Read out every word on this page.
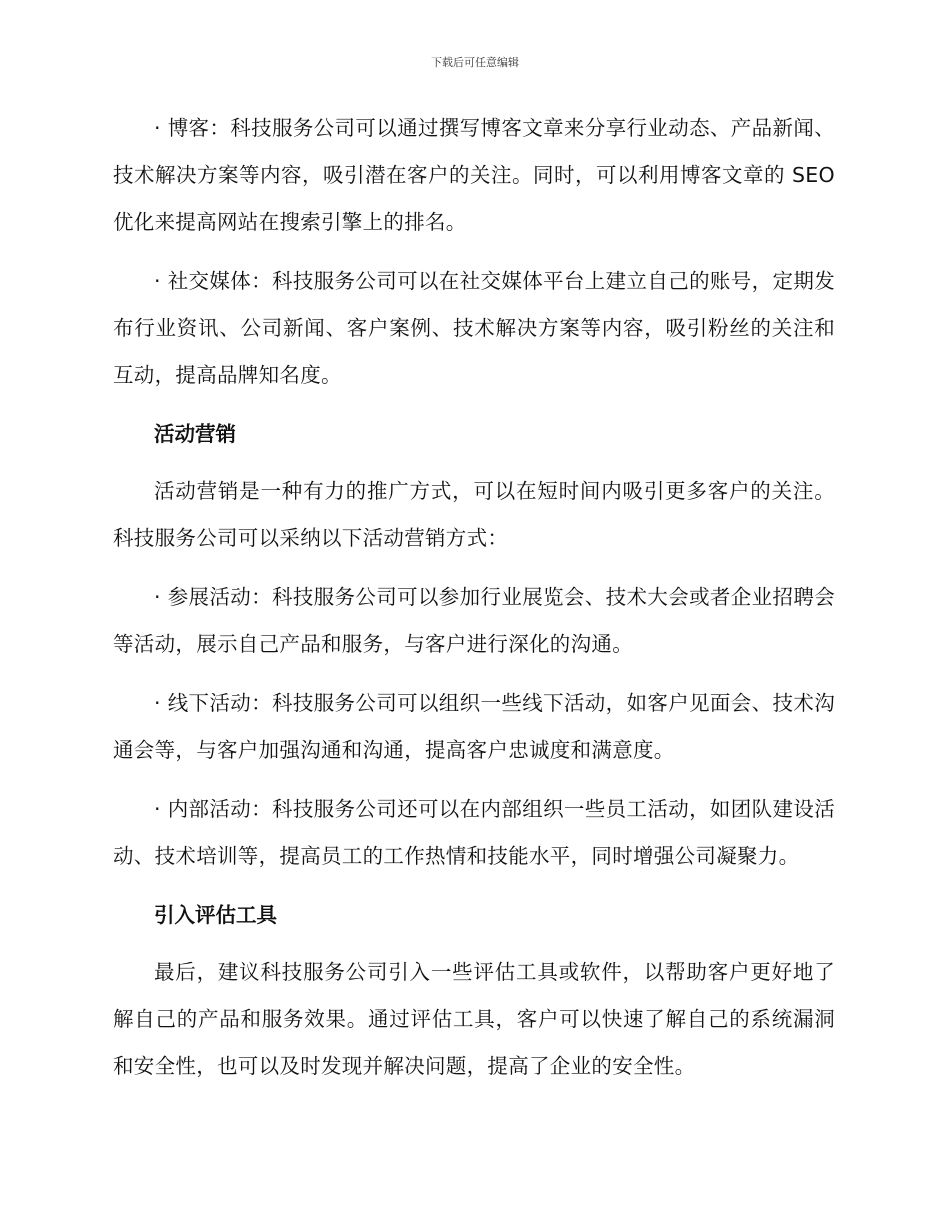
下载后可任意编辑

· 博客：科技服务公司可以通过撰写博客文章来分享行业动态、产品新闻、技术解决方案等内容，吸引潜在客户的关注。同时，可以利用博客文章的 SEO 优化来提高网站在搜索引擎上的排名。

· 社交媒体：科技服务公司可以在社交媒体平台上建立自己的账号，定期发布行业资讯、公司新闻、客户案例、技术解决方案等内容，吸引粉丝的关注和互动，提高品牌知名度。

活动营销

活动营销是一种有力的推广方式，可以在短时间内吸引更多客户的关注。科技服务公司可以采纳以下活动营销方式：

· 参展活动：科技服务公司可以参加行业展览会、技术大会或者企业招聘会等活动，展示自己产品和服务，与客户进行深化的沟通。

· 线下活动：科技服务公司可以组织一些线下活动，如客户见面会、技术沟通会等，与客户加强沟通和沟通，提高客户忠诚度和满意度。

· 内部活动：科技服务公司还可以在内部组织一些员工活动，如团队建设活动、技术培训等，提高员工的工作热情和技能水平，同时增强公司凝聚力。

引入评估工具

最后，建议科技服务公司引入一些评估工具或软件，以帮助客户更好地了解自己的产品和服务效果。通过评估工具，客户可以快速了解自己的系统漏洞和安全性，也可以及时发现并解决问题，提高了企业的安全性。
